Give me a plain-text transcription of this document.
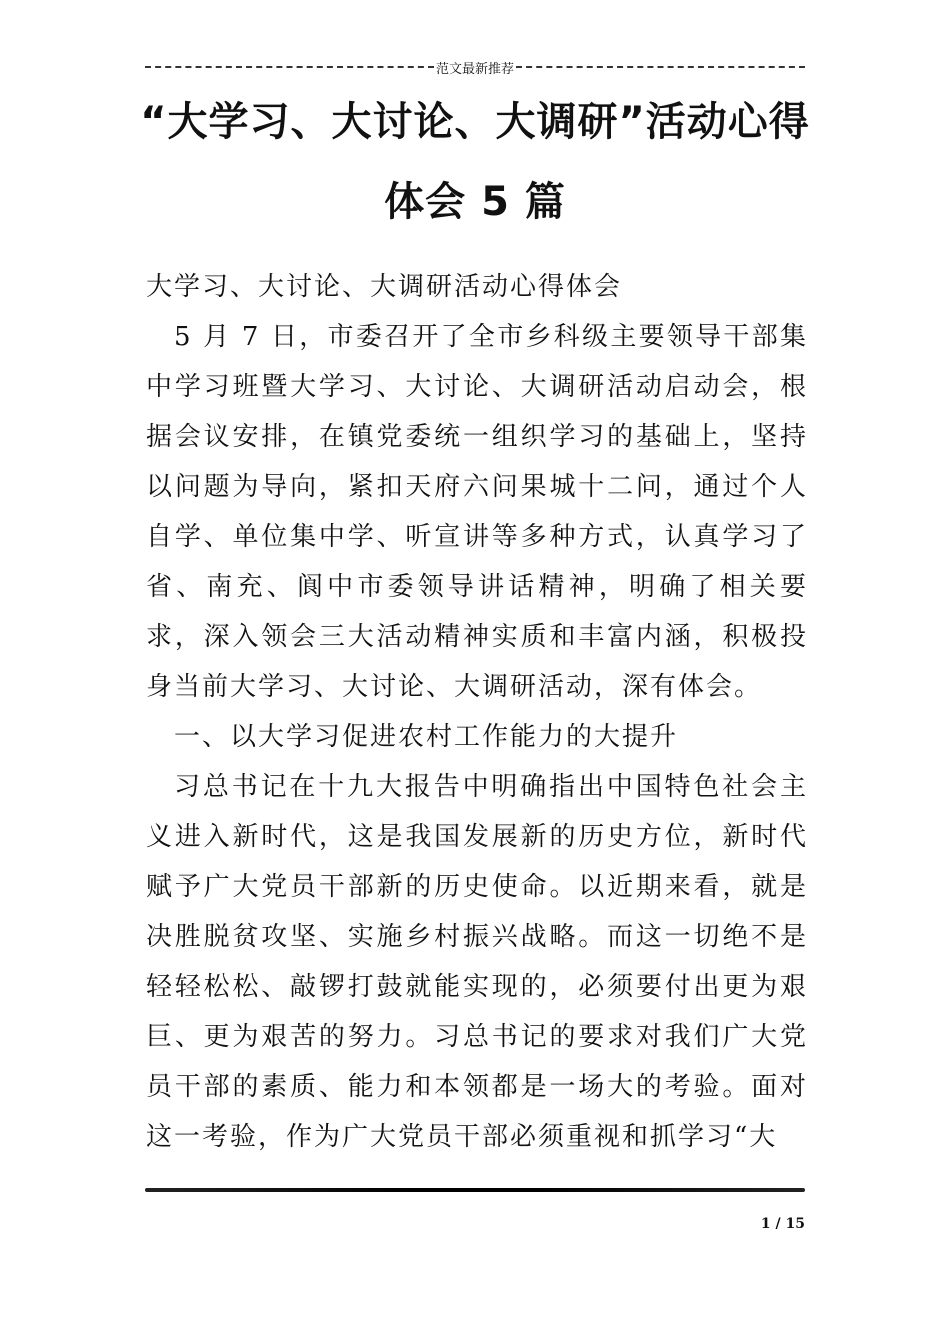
范文最新推荐
“大学习、大讨论、大调研”活动心得
体会 5 篇

大学习、大讨论、大调研活动心得体会

5 月 7 日，市委召开了全市乡科级主要领导干部集中学习班暨大学习、大讨论、大调研活动启动会，根据会议安排，在镇党委统一组织学习的基础上，坚持以问题为导向，紧扣天府六问果城十二问，通过个人自学、单位集中学、听宣讲等多种方式，认真学习了省、南充、阆中市委领导讲话精神，明确了相关要求，深入领会三大活动精神实质和丰富内涵，积极投身当前大学习、大讨论、大调研活动，深有体会。

一、以大学习促进农村工作能力的大提升

习总书记在十九大报告中明确指出中国特色社会主义进入新时代，这是我国发展新的历史方位，新时代赋予广大党员干部新的历史使命。以近期来看，就是决胜脱贫攻坚、实施乡村振兴战略。而这一切绝不是轻轻松松、敲锣打鼓就能实现的，必须要付出更为艰巨、更为艰苦的努力。习总书记的要求对我们广大党员干部的素质、能力和本领都是一场大的考验。面对这一考验，作为广大党员干部必须重视和抓学习“大

1 / 15
